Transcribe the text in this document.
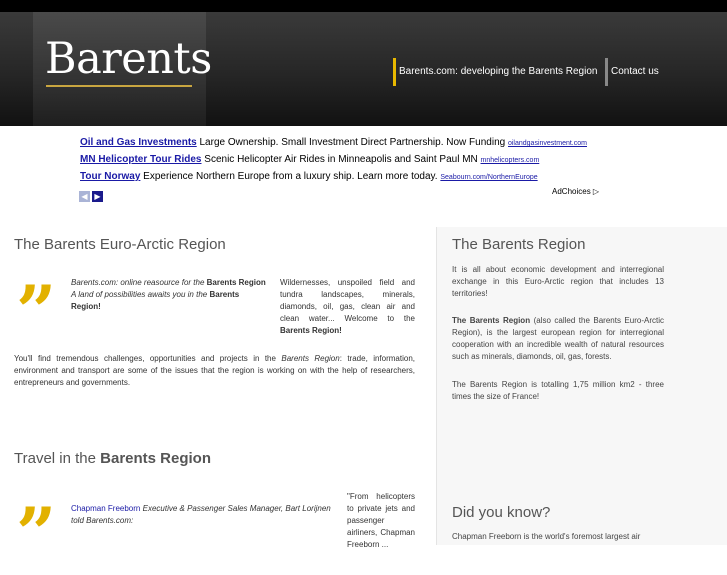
Barents	Barents.com: developing the Barents Region	Contact us
Oil and Gas Investments Large Ownership. Small Investment Direct Partnership. Now Funding oilandgasinvestment.com
MN Helicopter Tour Rides Scenic Helicopter Air Rides in Minneapolis and Saint Paul MN mnhelicopters.com
Tour Norway Experience Northern Europe from a luxury ship. Learn more today. Seabourn.com/NorthernEurope
◀ ▶
AdChoices ▷
The Barents Euro-Arctic Region
” Barents.com: online reasource for the Barents Region
A land of possibilities awaits you in the Barents Region!
Wildernesses, unspoiled field and tundra landscapes, minerals, diamonds, oil, gas, clean air and clean water... Welcome to the Barents Region!
You'll find tremendous challenges, opportunities and projects in the Barents Region: trade, information, environment and transport are some of the issues that the region is working on with the help of researchers, entrepreneurs and governments.
Travel in the Barents Region
” Chapman Freeborn Executive & Passenger Sales Manager, Bart Lorijnen told Barents.com:
"From helicopters to private jets and passenger airliners, Chapman Freeborn ...
The Barents Region

It is all about economic development and interregional exchange in this Euro-Arctic region that includes 13 territories!

The Barents Region (also called the Barents Euro-Arctic Region), is the largest european region for interregional cooperation with an incredible wealth of natural resources such as minerals, diamonds, oil, gas, forests.

The Barents Region is totalling 1,75 million km2 - three times the size of France!

Did you know?

Chapman Freeborn is the world's foremost largest air
